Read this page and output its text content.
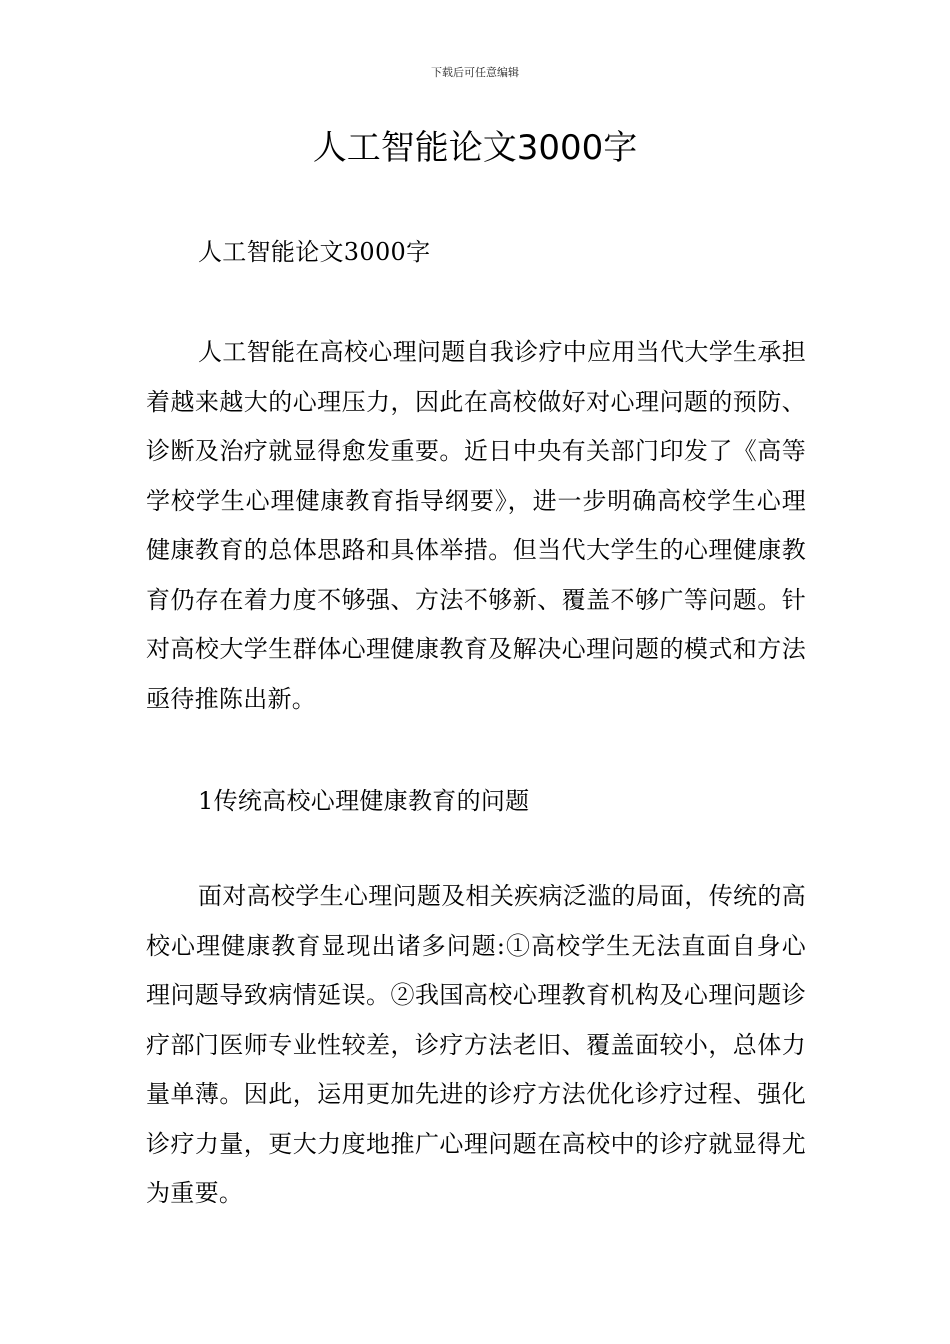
下载后可任意编辑
人工智能论文3000字

人工智能论文3000字

人工智能在高校心理问题自我诊疗中应用当代大学生承担着越来越大的心理压力，因此在高校做好对心理问题的预防、诊断及治疗就显得愈发重要。近日中央有关部门印发了《高等学校学生心理健康教育指导纲要》，进一步明确高校学生心理健康教育的总体思路和具体举措。但当代大学生的心理健康教育仍存在着力度不够强、方法不够新、覆盖不够广等问题。针对高校大学生群体心理健康教育及解决心理问题的模式和方法亟待推陈出新。

1传统高校心理健康教育的问题

面对高校学生心理问题及相关疾病泛滥的局面，传统的高校心理健康教育显现出诸多问题:①高校学生无法直面自身心理问题导致病情延误。②我国高校心理教育机构及心理问题诊疗部门医师专业性较差，诊疗方法老旧、覆盖面较小，总体力量单薄。因此，运用更加先进的诊疗方法优化诊疗过程、强化诊疗力量，更大力度地推广心理问题在高校中的诊疗就显得尤为重要。
